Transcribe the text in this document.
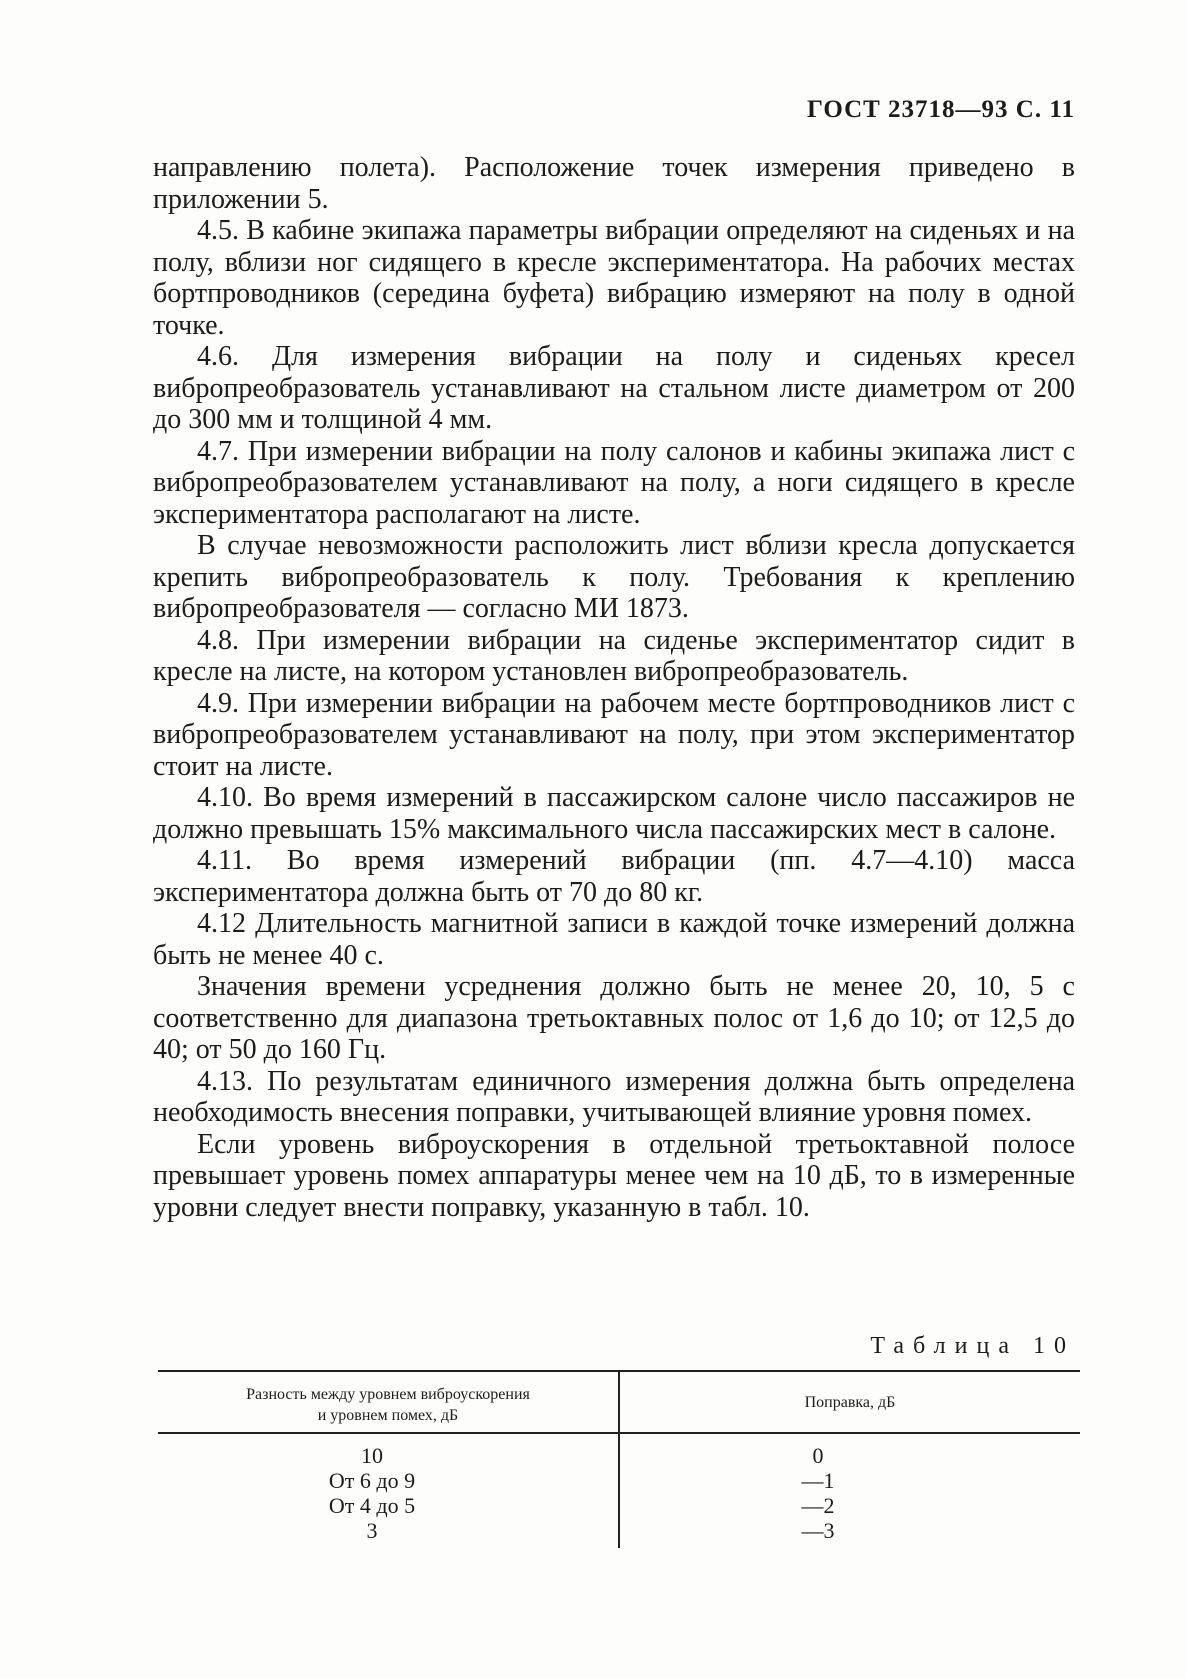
ГОСТ 23718—93 С. 11

направлению полета). Расположение точек измерения приведено в приложении 5.

4.5. В кабине экипажа параметры вибрации определяют на сиденьях и на полу, вблизи ног сидящего в кресле экспериментатора. На рабочих местах бортпроводников (середина буфета) вибрацию измеряют на полу в одной точке.

4.6. Для измерения вибрации на полу и сиденьях кресел вибропреобразователь устанавливают на стальном листе диаметром от 200 до 300 мм и толщиной 4 мм.

4.7. При измерении вибрации на полу салонов и кабины экипажа лист с вибропреобразователем устанавливают на полу, а ноги сидящего в кресле экспериментатора располагают на листе.

В случае невозможности расположить лист вблизи кресла допускается крепить вибропреобразователь к полу. Требования к креплению вибропреобразователя — согласно МИ 1873.

4.8. При измерении вибрации на сиденье экспериментатор сидит в кресле на листе, на котором установлен вибропреобразователь.

4.9. При измерении вибрации на рабочем месте бортпроводников лист с вибропреобразователем устанавливают на полу, при этом экспериментатор стоит на листе.

4.10. Во время измерений в пассажирском салоне число пассажиров не должно превышать 15% максимального числа пассажирских мест в салоне.

4.11. Во время измерений вибрации (пп. 4.7—4.10) масса экспериментатора должна быть от 70 до 80 кг.

4.12 Длительность магнитной записи в каждой точке измерений должна быть не менее 40 с.

Значения времени усреднения должно быть не менее 20, 10, 5 с соответственно для диапазона третьоктавных полос от 1,6 до 10; от 12,5 до 40; от 50 до 160 Гц.

4.13. По результатам единичного измерения должна быть определена необходимость внесения поправки, учитывающей влияние уровня помех.

Если уровень виброускорения в отдельной третьоктавной полосе превышает уровень помех аппаратуры менее чем на 10 дБ, то в измеренные уровни следует внести поправку, указанную в табл. 10.

Таблица 10
Разность между уровнем виброускорения
и уровнем помех, дБ
Поправка, дБ
10	0
От 6 до 9	—1
От 4 до 5	—2
3	—3
